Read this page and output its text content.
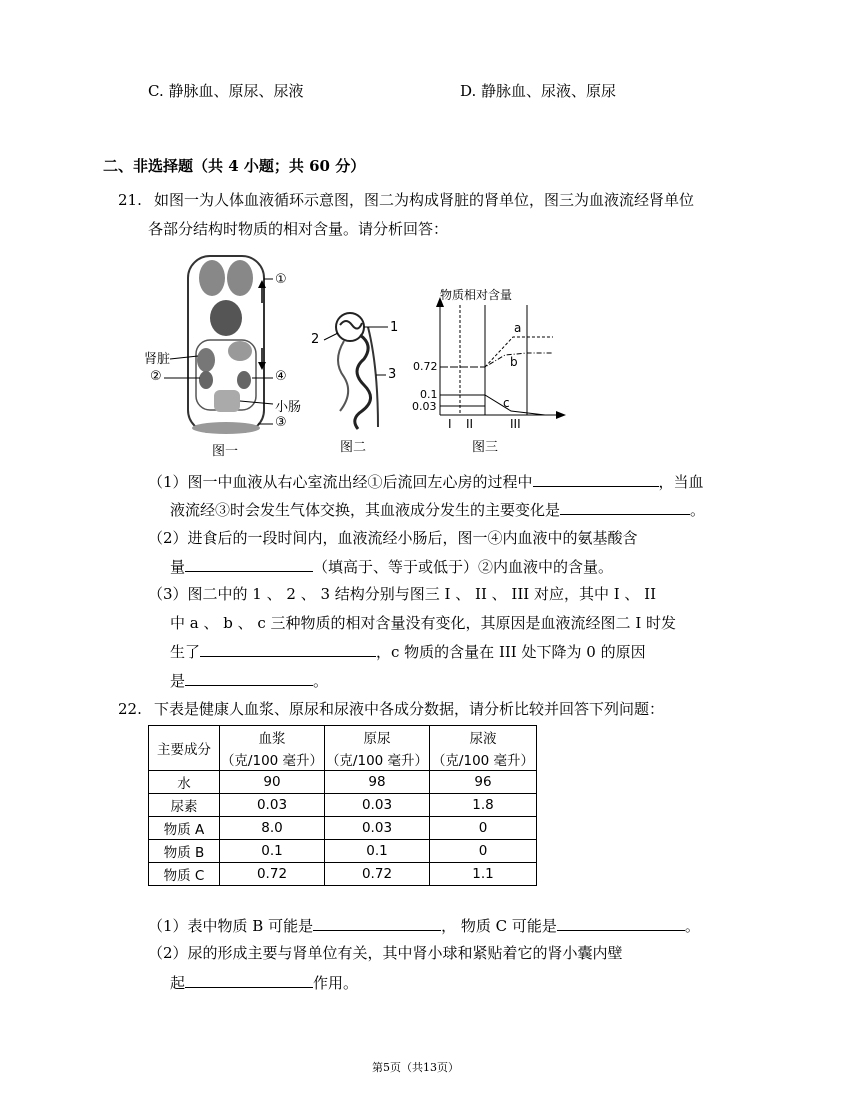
C. 静脉血、原尿、尿液	D. 静脉血、尿液、原尿
二、非选择题（共 4 小题；共 60 分）
21. 如图一为人体血液循环示意图，图二为构成肾脏的肾单位，图三为血液流经肾单位
各部分结构时物质的相对含量。请分析回答：
①
肾脏
②	④
小肠
③
图一
2
1
3
图二
物质相对含量
0.72
0.1
0.03
I II	III
a
b
c
图三
（1）图一中血液从右心室流出经①后流回左心房的过程中	，当血
液流经③时会发生气体交换，其血液成分发生的主要变化是	。
（2）进食后的一段时间内，血液流经小肠后，图一④内血液中的氨基酸含
量	（填高于、等于或低于）②内血液中的含量。
（3）图二中的 1 、 2 、 3 结构分别与图三 I 、 II 、 III 对应，其中 I 、 II
中 a 、 b 、 c 三种物质的相对含量没有变化，其原因是血液流经图二 I 时发
生了	，c 物质的含量在 III 处下降为 0 的原因
是	。
22. 下表是健康人血浆、原尿和尿液中各成分数据，请分析比较并回答下列问题：
主要成分	血浆	原尿	尿液
	（克/100 毫升）	（克/100 毫升）	（克/100 毫升）
水	90	98	96
尿素	0.03	0.03	1.8
物质 A	8.0	0.03	0
物质 B	0.1	0.1	0
物质 C	0.72	0.72	1.1
（1）表中物质 B 可能是	， 物质 C 可能是	。
（2）尿的形成主要与肾单位有关，其中肾小球和紧贴着它的肾小囊内壁
起	作用。
第5页（共13页）
